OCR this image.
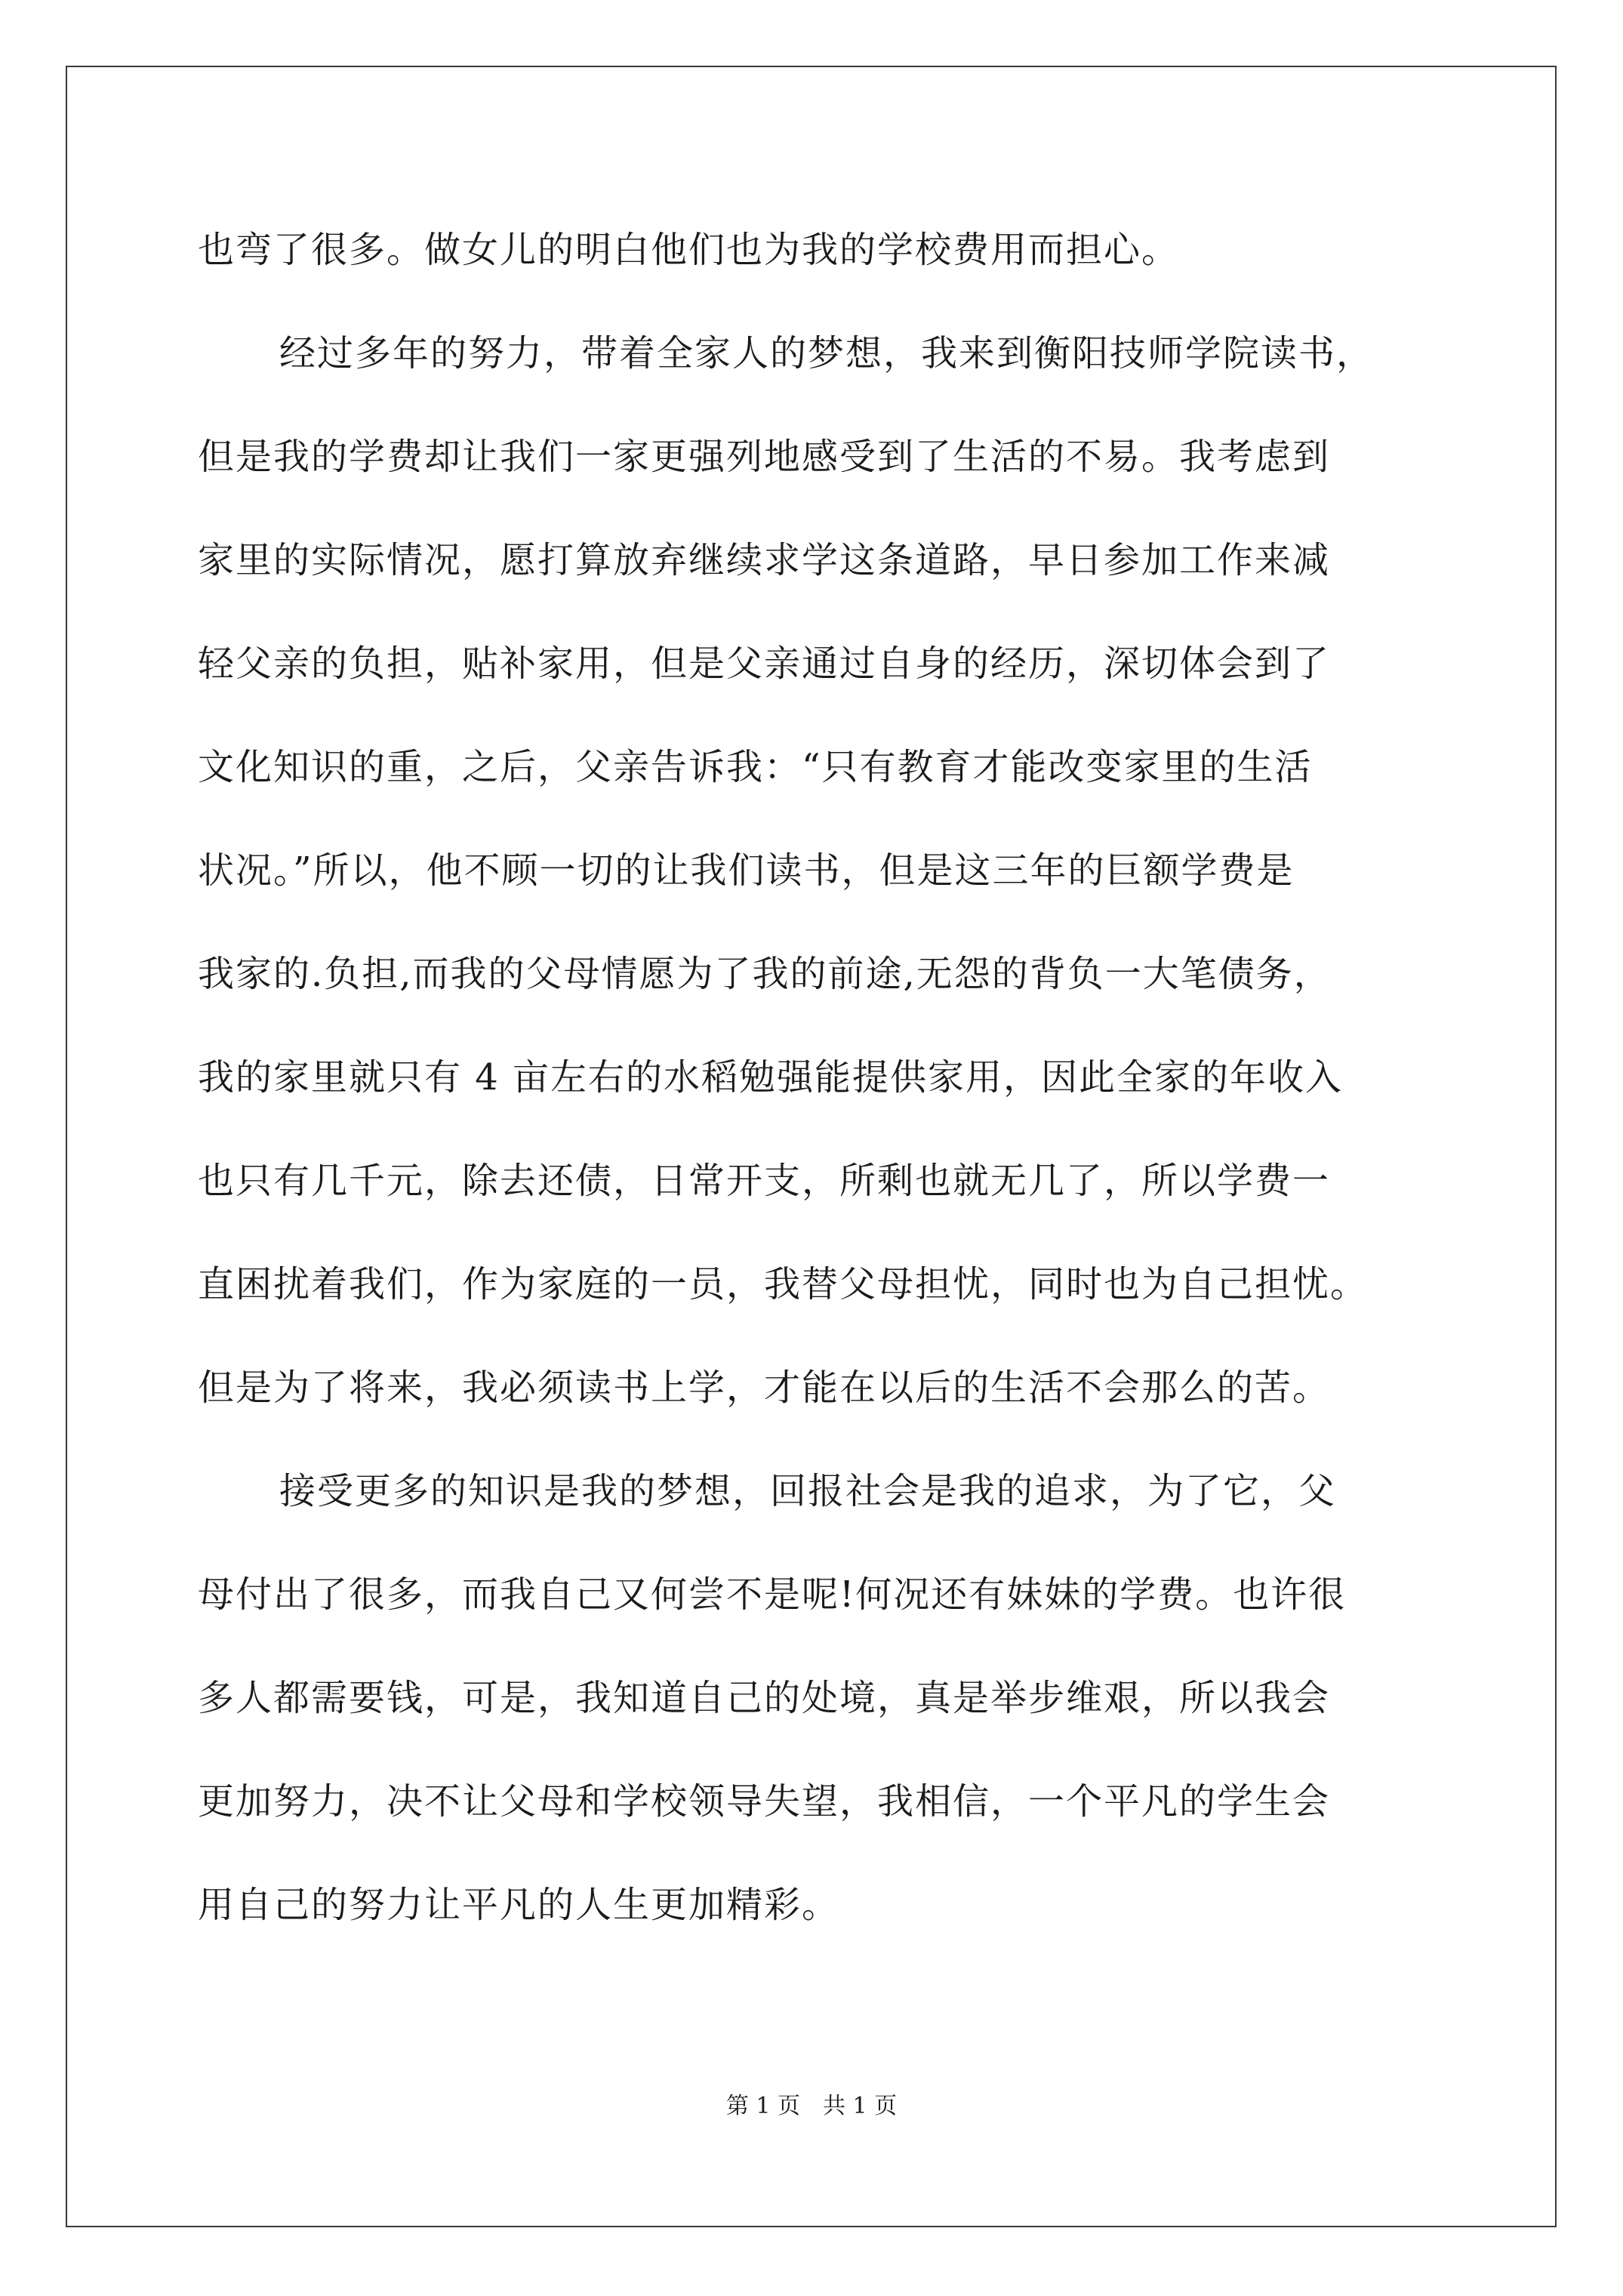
也弯了很多。做女儿的明白他们也为我的学校费用而担心。
经过多年的努力，带着全家人的梦想，我来到衡阳技师学院读书，
但是我的学费却让我们一家更强列地感受到了生活的不易。我考虑到
家里的实际情况，愿打算放弃继续求学这条道路，早日参加工作来减
轻父亲的负担，贴补家用，但是父亲通过自身的经历，深切体会到了
文化知识的重，之后，父亲告诉我：“只有教育才能改变家里的生活
状况。”所以，他不顾一切的让我们读书，但是这三年的巨额学费是
我家的.负担,而我的父母情愿为了我的前途,无怨的背负一大笔债务，
我的家里就只有 4 亩左右的水稻勉强能提供家用，因此全家的年收入
也只有几千元，除去还债，日常开支，所剩也就无几了，所以学费一
直困扰着我们，作为家庭的一员，我替父母担忧，同时也为自己担忧。
但是为了将来，我必须读书上学，才能在以后的生活不会那么的苦。
接受更多的知识是我的梦想，回报社会是我的追求，为了它，父
母付出了很多，而我自己又何尝不是呢!何况还有妹妹的学费。也许很
多人都需要钱，可是，我知道自己的处境，真是举步维艰，所以我会
更加努力，决不让父母和学校领导失望，我相信，一个平凡的学生会
用自己的努力让平凡的人生更加精彩。
第 1 页 共 1 页
